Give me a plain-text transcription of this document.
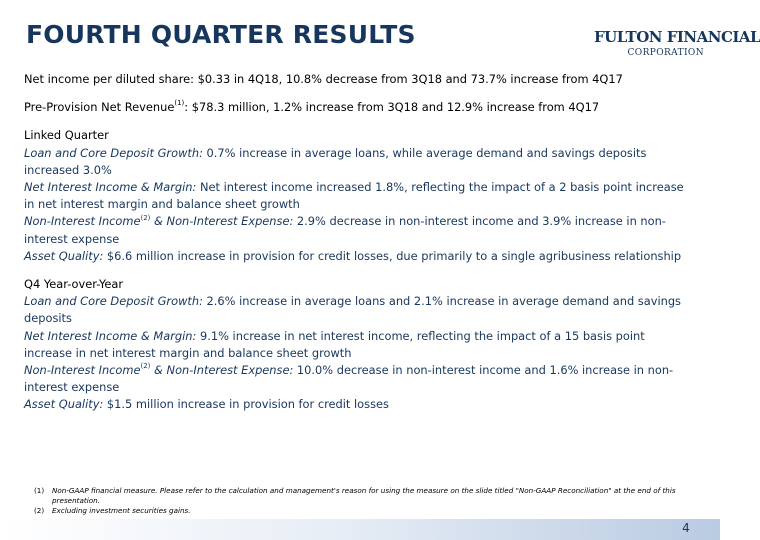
FOURTH QUARTER RESULTS	FULTON FINANCIAL
CORPORATION

Net income per diluted share: $0.33 in 4Q18, 10.8% decrease from 3Q18 and 73.7% increase from 4Q17

Pre-Provision Net Revenue$^{(1)}$: $78.3 million, 1.2% increase from 3Q18 and 12.9% increase from 4Q17

Linked Quarter

Loan and Core Deposit Growth: 0.7% increase in average loans, while average demand and savings deposits

increased 3.0%

Net Interest Income & Margin: Net interest income increased 1.8%, reflecting the impact of a 2 basis point increase

in net interest margin and balance sheet growth

Non-Interest Income$^{(2)}$ & Non-Interest Expense: 2.9% decrease in non-interest income and 3.9% increase in non-

interest expense

Asset Quality: $6.6 million increase in provision for credit losses, due primarily to a single agribusiness relationship

Q4 Year-over-Year

Loan and Core Deposit Growth: 2.6% increase in average loans and 2.1% increase in average demand and savings

deposits

Net Interest Income & Margin: 9.1% increase in net interest income, reflecting the impact of a 15 basis point

increase in net interest margin and balance sheet growth

Non-Interest Income$^{(2)}$ & Non-Interest Expense: 10.0% decrease in non-interest income and 1.6% increase in non-

interest expense

Asset Quality: $1.5 million increase in provision for credit losses

(1)	Non-GAAP financial measure. Please refer to the calculation and management's reason for using the measure on the slide titled "Non-GAAP Reconciliation" at the end of this presentation.
(2)	Excluding investment securities gains.
4
